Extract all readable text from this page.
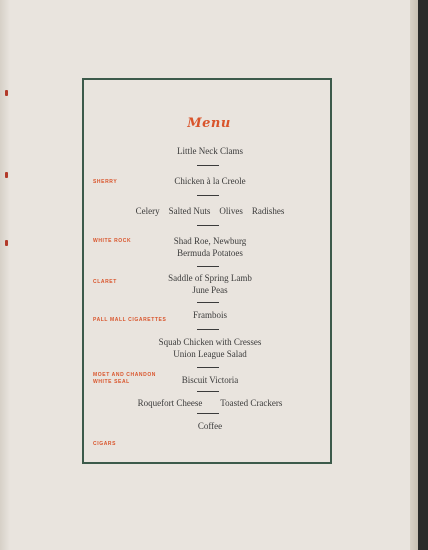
Menu
Little Neck Clams
Chicken à la Creole
Celery    Salted Nuts    Olives    Radishes
Shad Roe, Newburg
Bermuda Potatoes
Saddle of Spring Lamb
June Peas
Frambois
Squab Chicken with Cresses
Union League Salad
Biscuit Victoria
Roquefort Cheese        Toasted Crackers
Coffee
SHERRY
WHITE ROCK
CLARET
PALL MALL CIGARETTES
MOET AND CHANDON
WHITE SEAL
CIGARS
